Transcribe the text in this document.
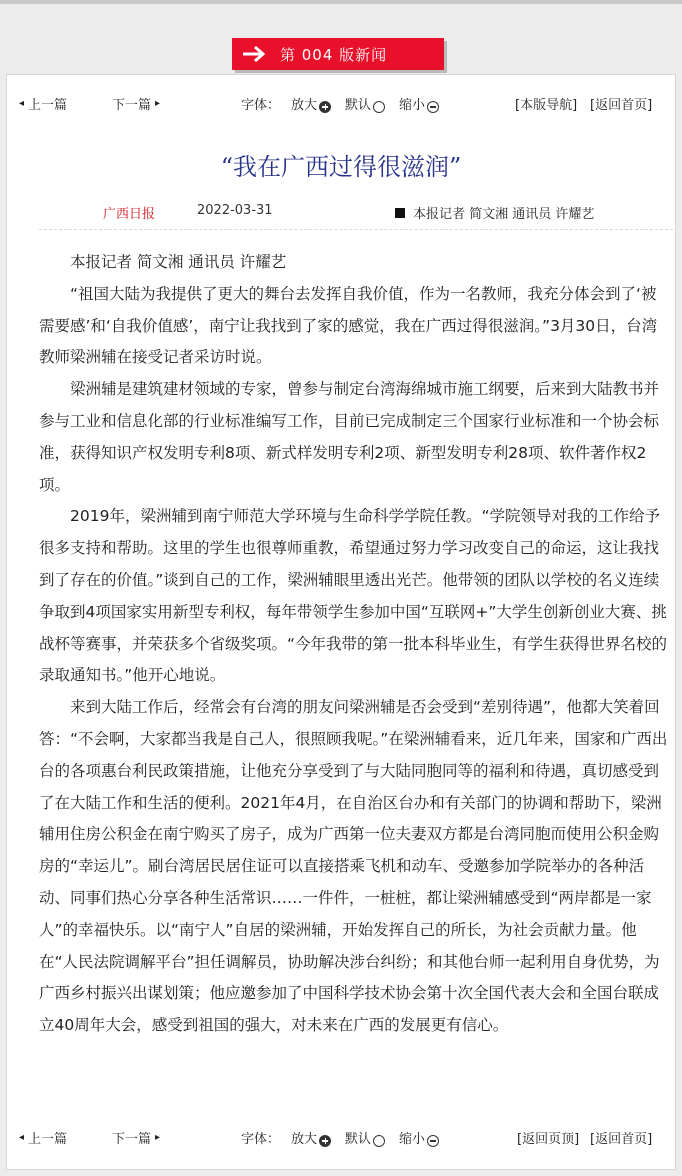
第 004 版新闻
◂ 上一篇	下一篇 ▸	字体： 放大 默认 缩小	[本版导航] [返回首页]
“我在广西过得很滋润”
广西日报	2022-03-31	本报记者 简文湘 通讯员 许耀艺

本报记者 简文湘 通讯员 许耀艺

“祖国大陆为我提供了更大的舞台去发挥自我价值，作为一名教师，我充分体会到了‘被需要感’和‘自我价值感’，南宁让我找到了家的感觉，我在广西过得很滋润。”3月30日，台湾教师梁洲辅在接受记者采访时说。

梁洲辅是建筑建材领域的专家，曾参与制定台湾海绵城市施工纲要，后来到大陆教书并参与工业和信息化部的行业标准编写工作，目前已完成制定三个国家行业标准和一个协会标准，获得知识产权发明专利8项、新式样发明专利2项、新型发明专利28项、软件著作权2项。

2019年，梁洲辅到南宁师范大学环境与生命科学学院任教。“学院领导对我的工作给予很多支持和帮助。这里的学生也很尊师重教，希望通过努力学习改变自己的命运，这让我找到了存在的价值。”谈到自己的工作，梁洲辅眼里透出光芒。他带领的团队以学校的名义连续争取到4项国家实用新型专利权，每年带领学生参加中国“互联网+”大学生创新创业大赛、挑战杯等赛事，并荣获多个省级奖项。“今年我带的第一批本科毕业生，有学生获得世界名校的录取通知书。”他开心地说。

来到大陆工作后，经常会有台湾的朋友问梁洲辅是否会受到“差别待遇”，他都大笑着回答：“不会啊，大家都当我是自己人，很照顾我呢。”在梁洲辅看来，近几年来，国家和广西出台的各项惠台利民政策措施，让他充分享受到了与大陆同胞同等的福利和待遇，真切感受到了在大陆工作和生活的便利。2021年4月，在自治区台办和有关部门的协调和帮助下，梁洲辅用住房公积金在南宁购买了房子，成为广西第一位夫妻双方都是台湾同胞而使用公积金购房的“幸运儿”。刷台湾居民居住证可以直接搭乘飞机和动车、受邀参加学院举办的各种活动、同事们热心分享各种生活常识……一件件，一桩桩，都让梁洲辅感受到“两岸都是一家人”的幸福快乐。以“南宁人”自居的梁洲辅，开始发挥自己的所长，为社会贡献力量。他在“人民法院调解平台”担任调解员，协助解决涉台纠纷；和其他台师一起利用自身优势，为广西乡村振兴出谋划策；他应邀参加了中国科学技术协会第十次全国代表大会和全国台联成立40周年大会，感受到祖国的强大，对未来在广西的发展更有信心。

◂ 上一篇	下一篇 ▸	字体： 放大 默认 缩小	[返回页顶] [返回首页]
